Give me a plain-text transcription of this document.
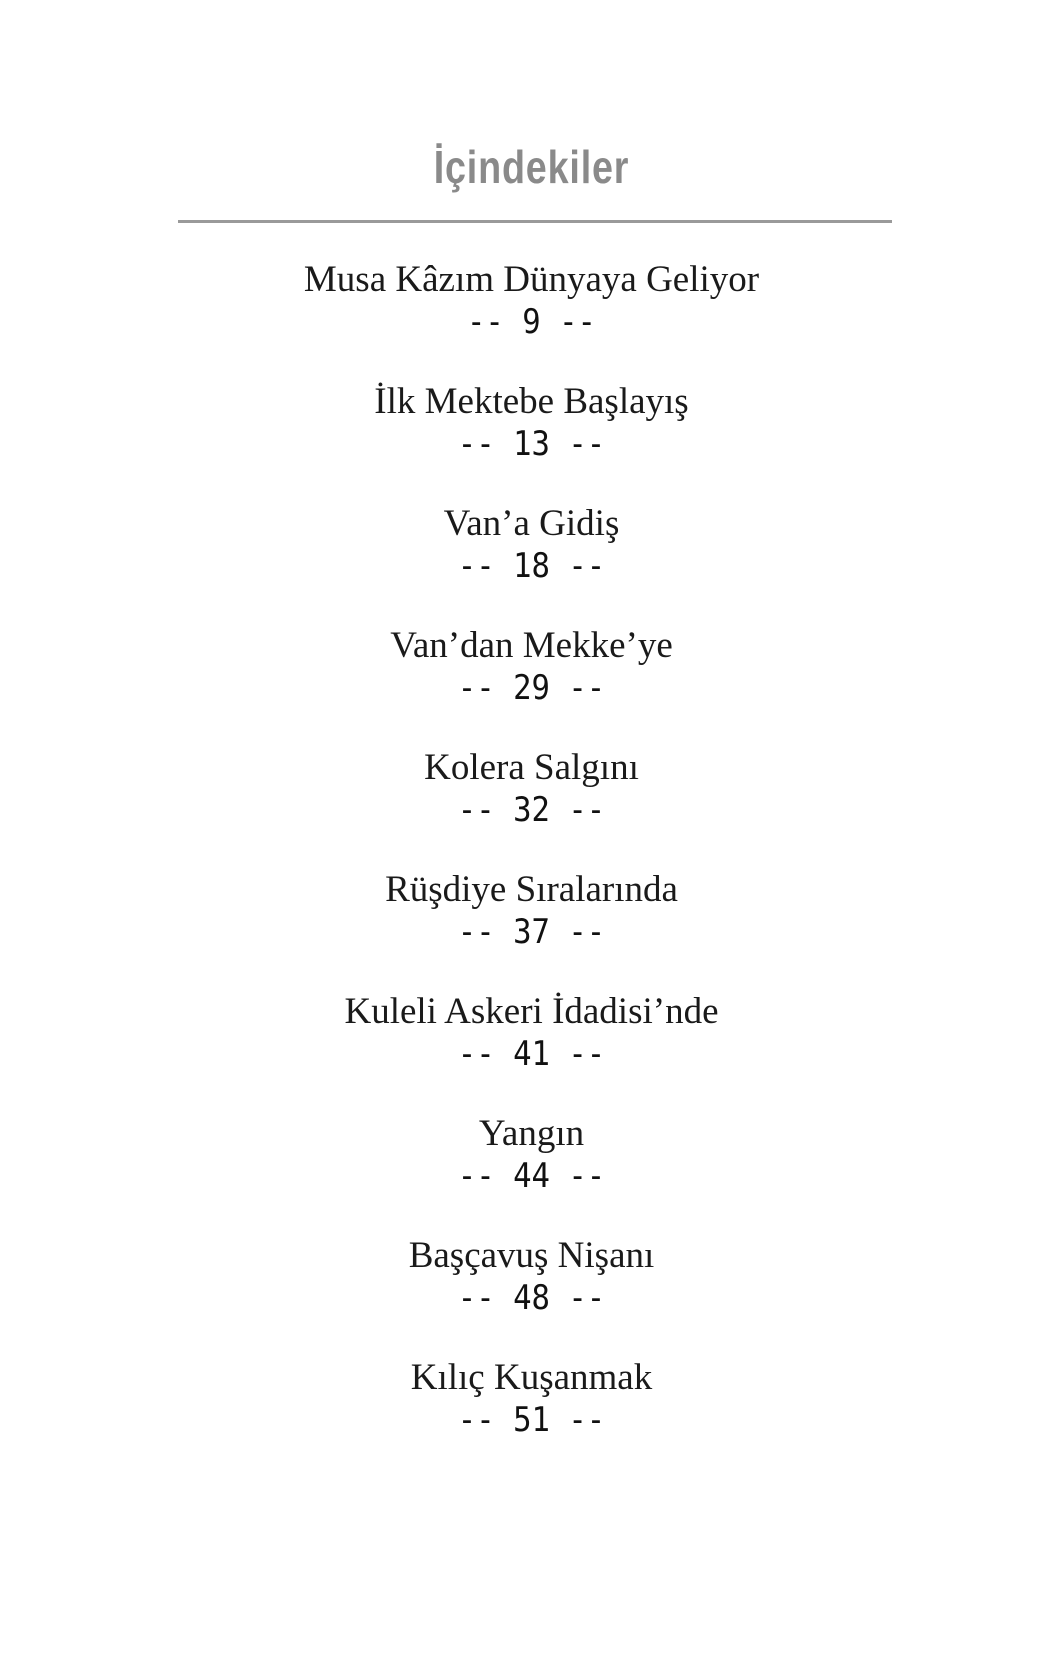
İçindekiler
Musa Kâzım Dünyaya Geliyor
-- 9 --
İlk Mektebe Başlayış
-- 13 --
Van’a Gidiş
-- 18 --
Van’dan Mekke’ye
-- 29 --
Kolera Salgını
-- 32 --
Rüşdiye Sıralarında
-- 37 --
Kuleli Askeri İdadisi’nde
-- 41 --
Yangın
-- 44 --
Başçavuş Nişanı
-- 48 --
Kılıç Kuşanmak
-- 51 --
